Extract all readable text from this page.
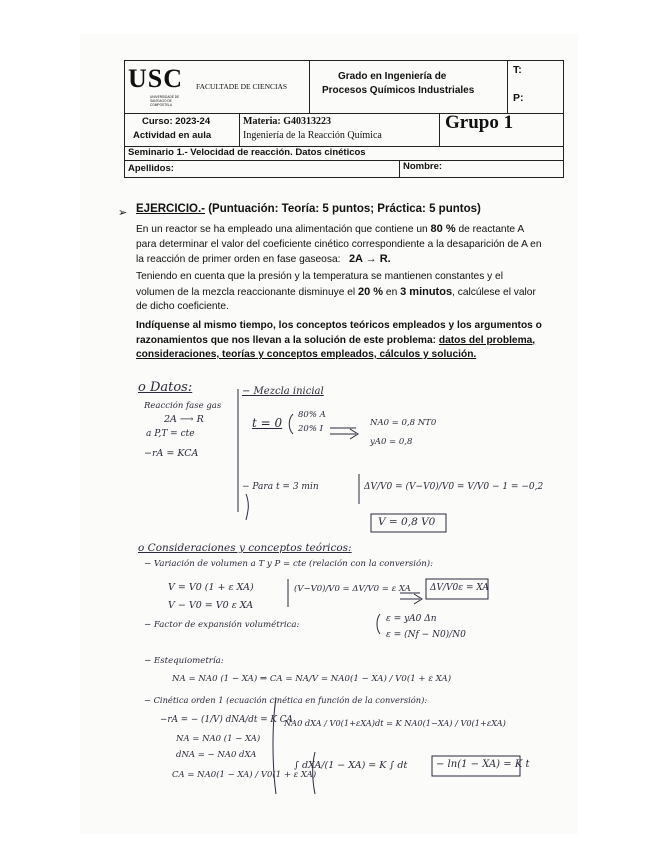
USC
UNIVERSIDADE DE SANTIAGO DE COMPOSTELA
FACULTADE DE CIENCIAS
Grado en Ingeniería de
Procesos Químicos Industriales
T:
P:
Curso: 2023-24
Actividad en aula
Materia: G40313223
Ingeniería de la Reacción Química
Grupo 1
Seminario 1.- Velocidad de reacción. Datos cinéticos
Apellidos:	Nombre:
➢ EJERCICIO.- (Puntuación: Teoría: 5 puntos; Práctica: 5 puntos)

En un reactor se ha empleado una alimentación que contiene un 80 % de reactante A
para determinar el valor del coeficiente cinético correspondiente a la desaparición de A en
la reacción de primer orden en fase gaseosa: 2A → R.

Teniendo en cuenta que la presión y la temperatura se mantienen constantes y el
volumen de la mezcla reaccionante disminuye el 20 % en 3 minutos, calcúlese el valor
de dicho coeficiente.

Indíquense al mismo tiempo, los conceptos teóricos empleados y los argumentos o
razonamientos que nos llevan a la solución de este problema: datos del problema,
consideraciones, teorías y conceptos empleados, cálculos y solución.

o Datos:
Reacción fase gas
2A ⟶ R
a P,T = cte
−rA = KCA
− Mezcla inicial
t = 0
80% A
20% I
NA0 = 0,8 NT0
yA0 = 0,8
− Para t = 3 min	ΔV/V0 = (V−V0)/V0 = V/V0 − 1 = −0,2
V = 0,8 V0
o Consideraciones y conceptos teóricos:
− Variación de volumen a T y P = cte (relación con la conversión):
V = V0 (1 + ε XA)
V − V0 = V0 ε XA
(V−V0)/V0 = ΔV/V0 = ε XA ΔV/V0ε = XA
− Factor de expansión volumétrica:
ε = yA0 Δn
ε = (Nf − N0)/N0
− Estequiometría:
NA = NA0 (1 − XA) ⇒ CA = NA/V = NA0(1 − XA) / V0(1 + ε XA)
− Cinética orden 1 (ecuación cinética en función de la conversión):
−rA = − (1/V) dNA/dt = K CA
NA = NA0 (1 − XA)
dNA = − NA0 dXA
CA = NA0(1 − XA) / V0(1 + ε XA)
NA0 dXA / V0(1+εXA)dt = K NA0(1−XA) / V0(1+εXA)
∫ dXA/(1 − XA) = K ∫ dt	− ln(1 − XA) = K t
